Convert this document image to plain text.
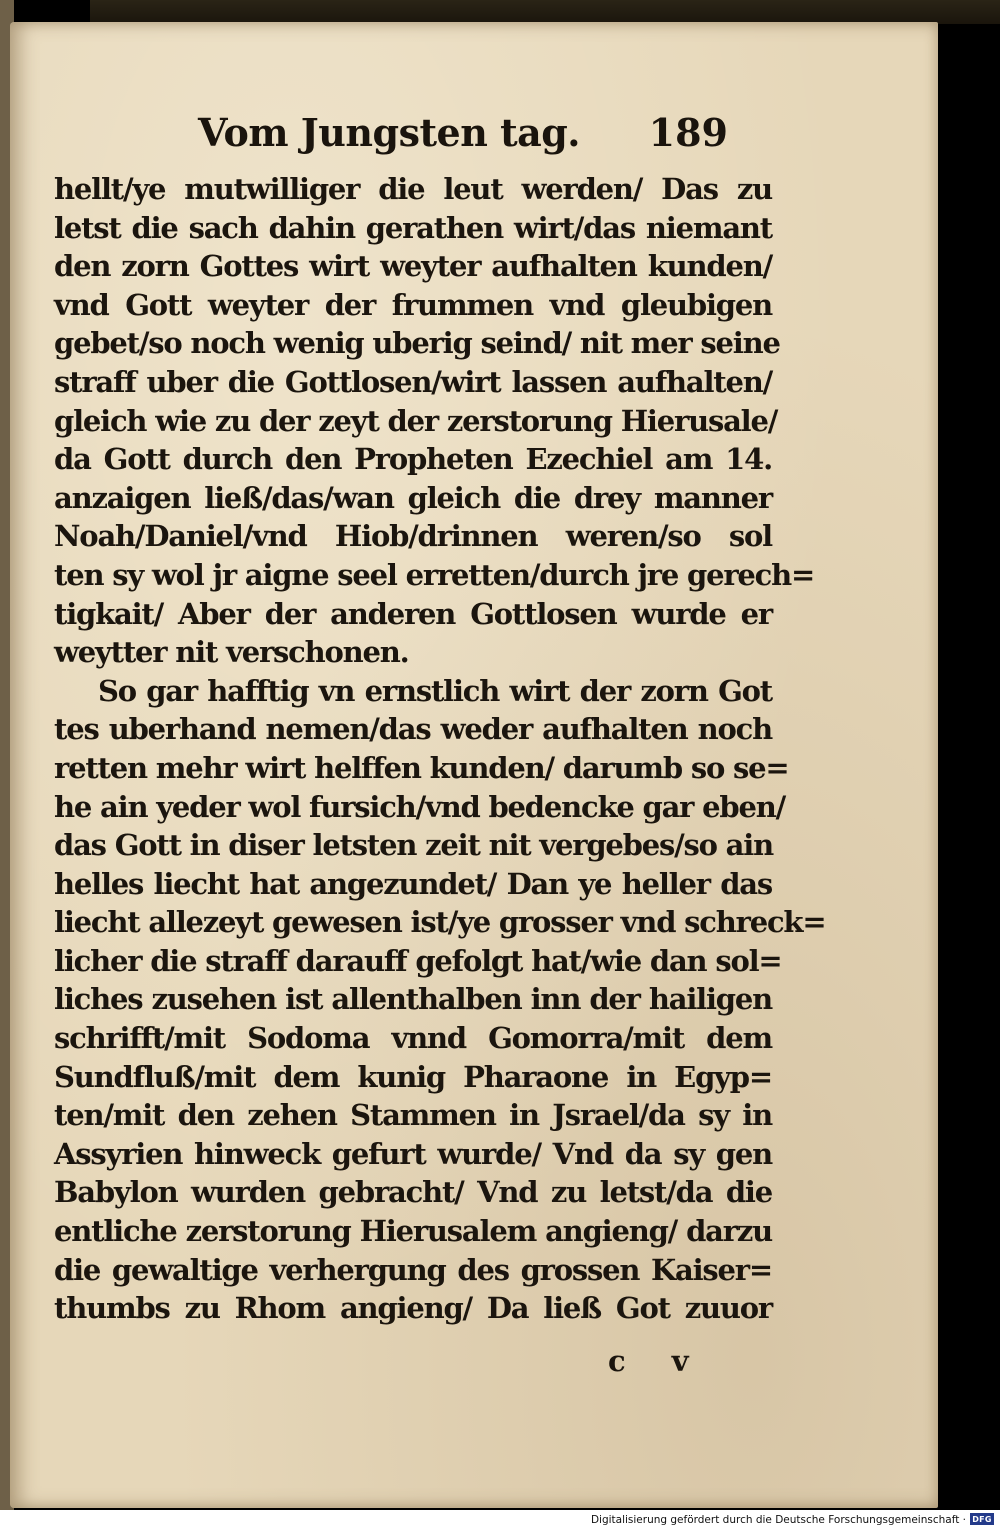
Vom Jungsten tag. 189
hellt/ye mutwilliger die leut werden/ Das zu
letst die sach dahin gerathen wirt/das niemant
den zorn Gottes wirt weyter aufhalten kunden/
vnd Gott weyter der frummen vnd gleubigen
gebet/so noch wenig uberig seind/ nit mer seine
straff uber die Gottlosen/wirt lassen aufhalten/
gleich wie zu der zeyt der zerstorung Hierusale/
da Gott durch den Propheten Ezechiel am 14.
anzaigen ließ/das/wan gleich die drey manner
Noah/Daniel/vnd Hiob/drinnen weren/so sol
ten sy wol jr aigne seel erretten/durch jre gerech=
tigkait/ Aber der anderen Gottlosen wurde er
weytter nit verschonen.
So gar hafftig vn ernstlich wirt der zorn Got
tes uberhand nemen/das weder aufhalten noch
retten mehr wirt helffen kunden/ darumb so se=
he ain yeder wol fursich/vnd bedencke gar eben/
das Gott in diser letsten zeit nit vergebes/so ain
helles liecht hat angezundet/ Dan ye heller das
liecht allezeyt gewesen ist/ye grosser vnd schreck=
licher die straff darauff gefolgt hat/wie dan sol=
liches zusehen ist allenthalben inn der hailigen
schrifft/mit Sodoma vnnd Gomorra/mit dem
Sundfluß/mit dem kunig Pharaone in Egyp=
ten/mit den zehen Stammen in Jsrael/da sy in
Assyrien hinweck gefurt wurde/ Vnd da sy gen
Babylon wurden gebracht/ Vnd zu letst/da die
entliche zerstorung Hierusalem angieng/ darzu
die gewaltige verhergung des grossen Kaiser=
thumbs zu Rhom angieng/ Da ließ Got zuuor
c v
Digitalisierung gefördert durch die Deutsche Forschungsgemeinschaft · DFG
